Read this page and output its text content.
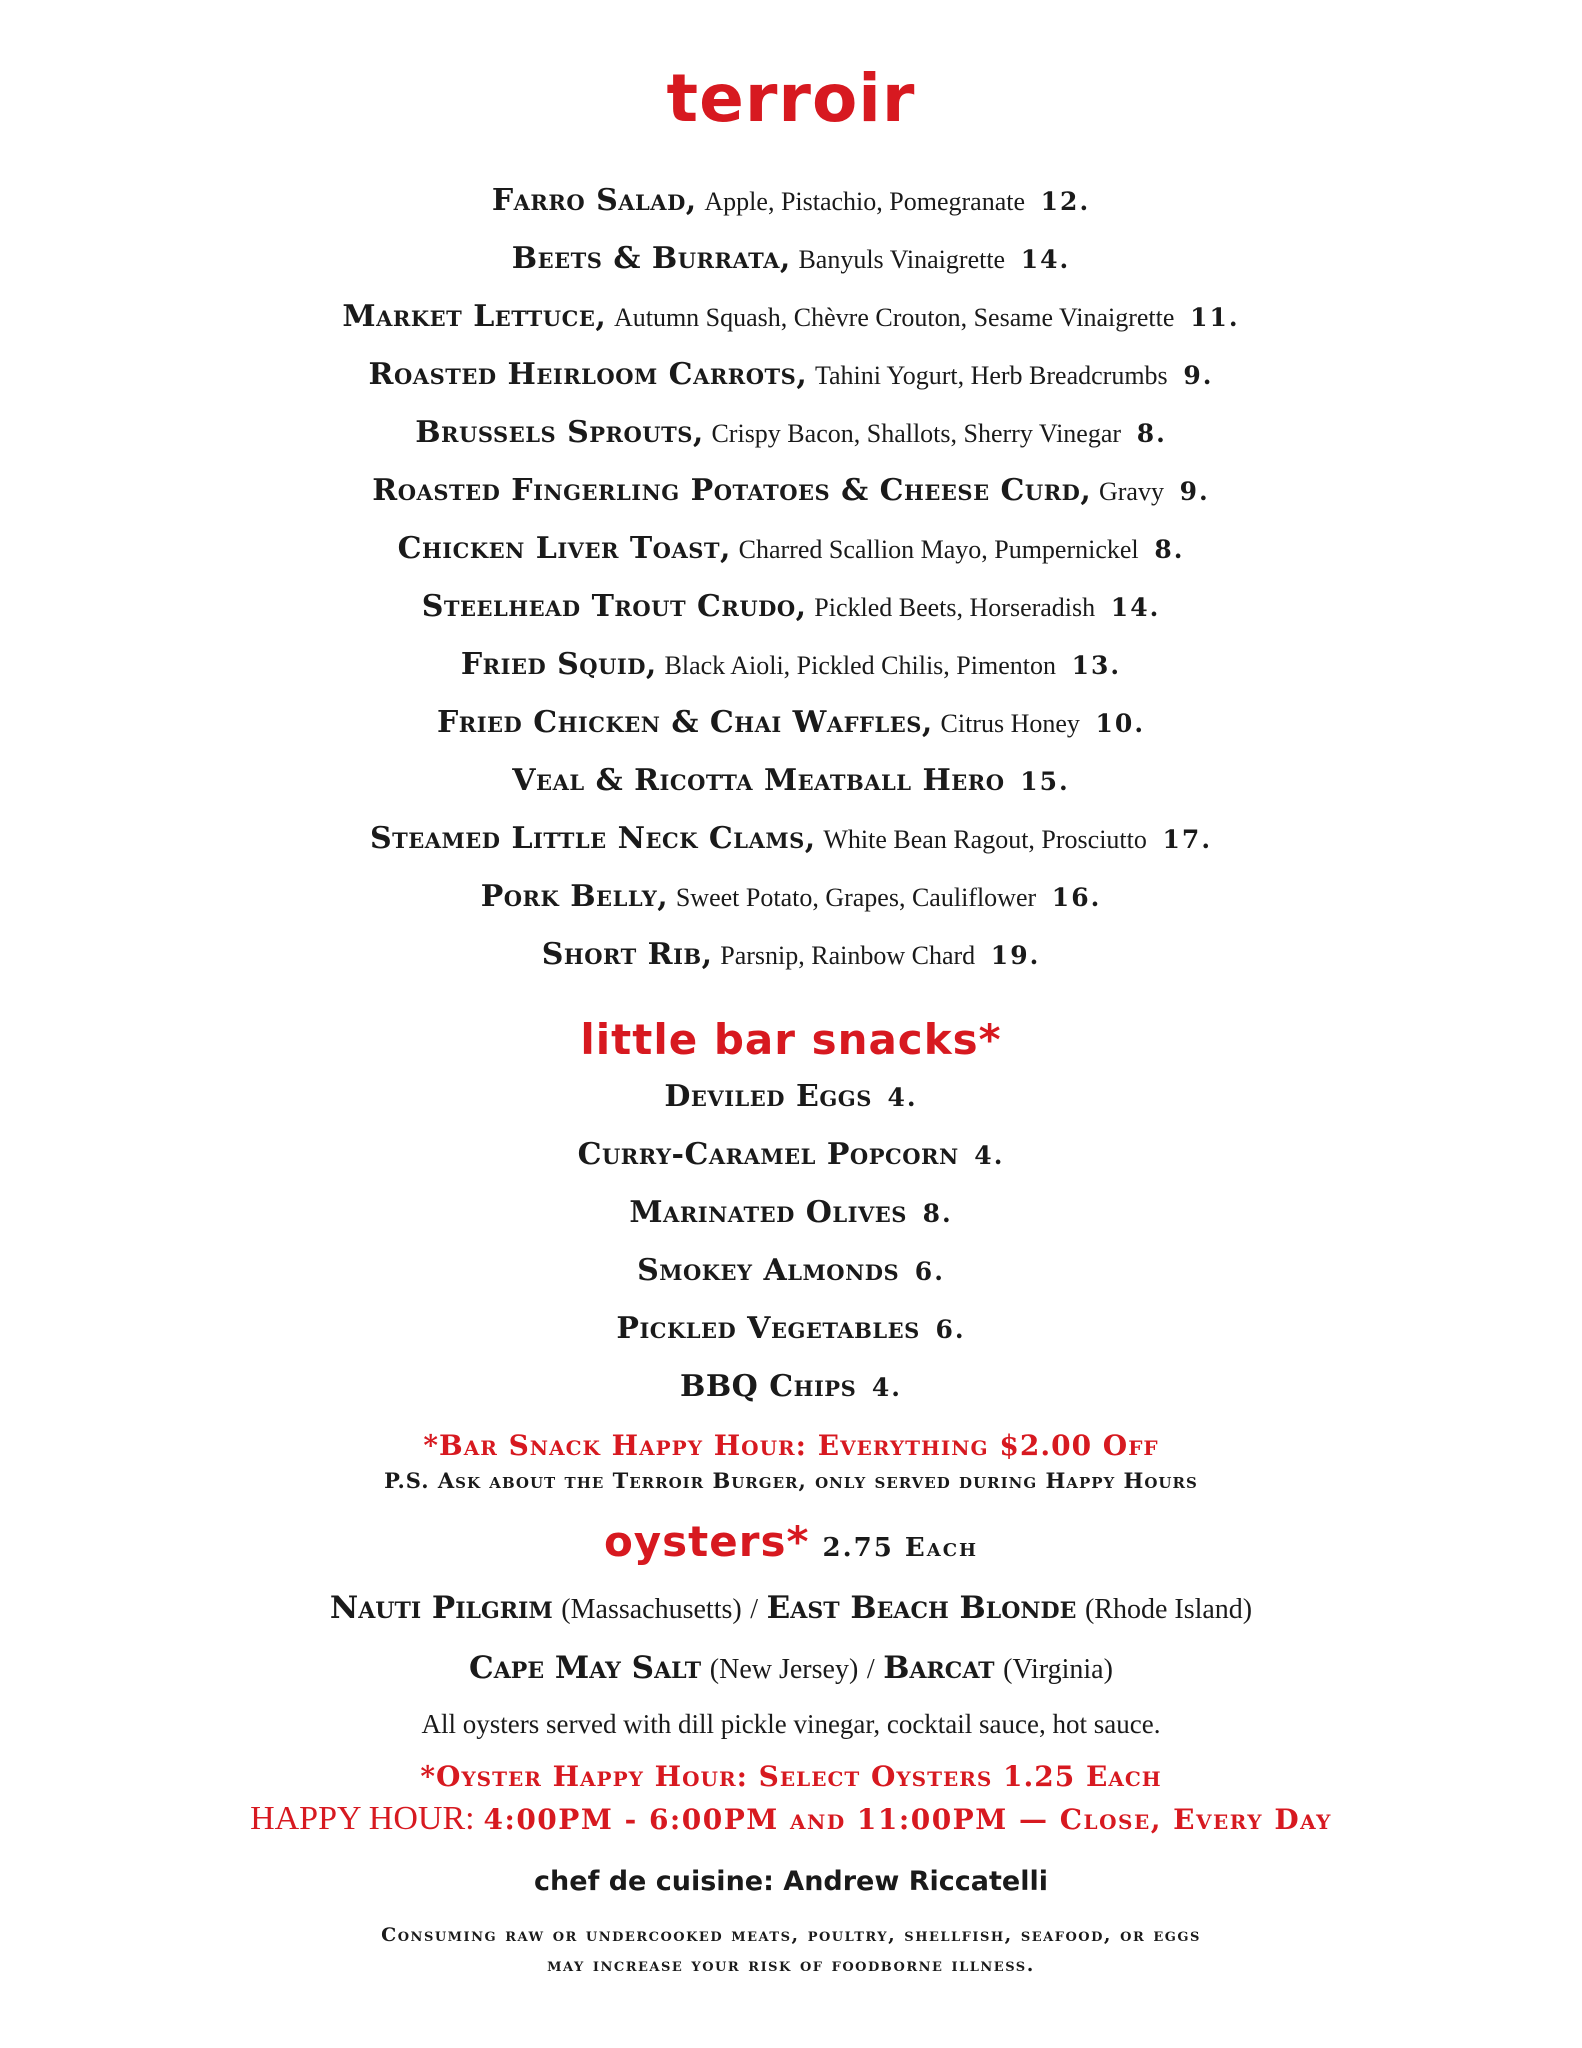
terroir
Farro Salad, Apple, Pistachio, Pomegranate 12.
Beets & Burrata, Banyuls Vinaigrette 14.
Market Lettuce, Autumn Squash, Chèvre Crouton, Sesame Vinaigrette 11.
Roasted Heirloom Carrots, Tahini Yogurt, Herb Breadcrumbs 9.
Brussels Sprouts, Crispy Bacon, Shallots, Sherry Vinegar 8.
Roasted Fingerling Potatoes & Cheese Curd, Gravy 9.
Chicken Liver Toast, Charred Scallion Mayo, Pumpernickel 8.
Steelhead Trout Crudo, Pickled Beets, Horseradish 14.
Fried Squid, Black Aioli, Pickled Chilis, Pimenton 13.
Fried Chicken & Chai Waffles, Citrus Honey 10.
Veal & Ricotta Meatball Hero 15.
Steamed Little Neck Clams, White Bean Ragout, Prosciutto 17.
Pork Belly, Sweet Potato, Grapes, Cauliflower 16.
Short Rib, Parsnip, Rainbow Chard 19.
little bar snacks*
Deviled Eggs 4.
Curry-Caramel Popcorn 4.
Marinated Olives 8.
Smokey Almonds 6.
Pickled Vegetables 6.
BBQ Chips 4.
*Bar Snack Happy Hour: Everything $2.00 Off
P.S. Ask about the Terroir Burger, only served during Happy Hours
oysters* 2.75 Each
Nauti Pilgrim (Massachusetts) / East Beach Blonde (Rhode Island)
Cape May Salt (New Jersey) / Barcat (Virginia)
All oysters served with dill pickle vinegar, cocktail sauce, hot sauce.
*Oyster Happy Hour: Select Oysters 1.25 Each
HAPPY HOUR: 4:00PM - 6:00PM and 11:00PM — Close, Every Day
chef de cuisine: Andrew Riccatelli
Consuming raw or undercooked meats, poultry, shellfish, seafood, or eggs
may increase your risk of foodborne illness.
